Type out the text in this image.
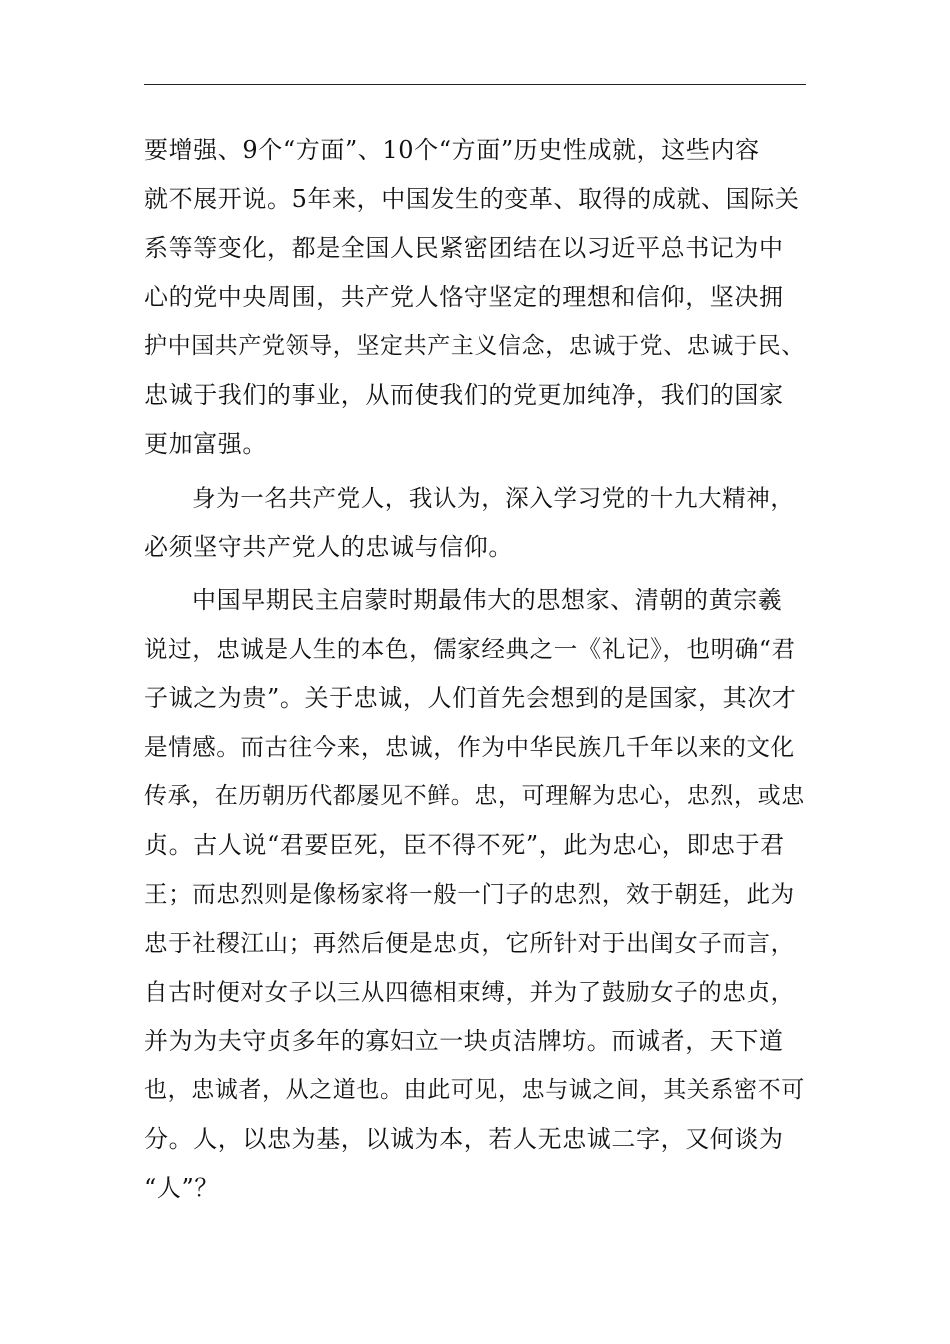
要增强、9个“方面”、10个“方面”历史性成就，这些内容
就不展开说。5年来，中国发生的变革、取得的成就、国际关
系等等变化，都是全国人民紧密团结在以习近平总书记为中
心的党中央周围，共产党人恪守坚定的理想和信仰，坚决拥
护中国共产党领导，坚定共产主义信念，忠诚于党、忠诚于民、
忠诚于我们的事业，从而使我们的党更加纯净，我们的国家
更加富强。
身为一名共产党人，我认为，深入学习党的十九大精神，
必须坚守共产党人的忠诚与信仰。
中国早期民主启蒙时期最伟大的思想家、清朝的黄宗羲
说过，忠诚是人生的本色，儒家经典之一《礼记》，也明确“君
子诚之为贵”。关于忠诚，人们首先会想到的是国家，其次才
是情感。而古往今来，忠诚，作为中华民族几千年以来的文化
传承，在历朝历代都屡见不鲜。忠，可理解为忠心，忠烈，或忠
贞。古人说“君要臣死，臣不得不死”，此为忠心，即忠于君
王；而忠烈则是像杨家将一般一门子的忠烈，效于朝廷，此为
忠于社稷江山；再然后便是忠贞，它所针对于出闺女子而言，
自古时便对女子以三从四德相束缚，并为了鼓励女子的忠贞，
并为为夫守贞多年的寡妇立一块贞洁牌坊。而诚者，天下道
也，忠诚者，从之道也。由此可见，忠与诚之间，其关系密不可
分。人，以忠为基，以诚为本，若人无忠诚二字，又何谈为
“人”？
